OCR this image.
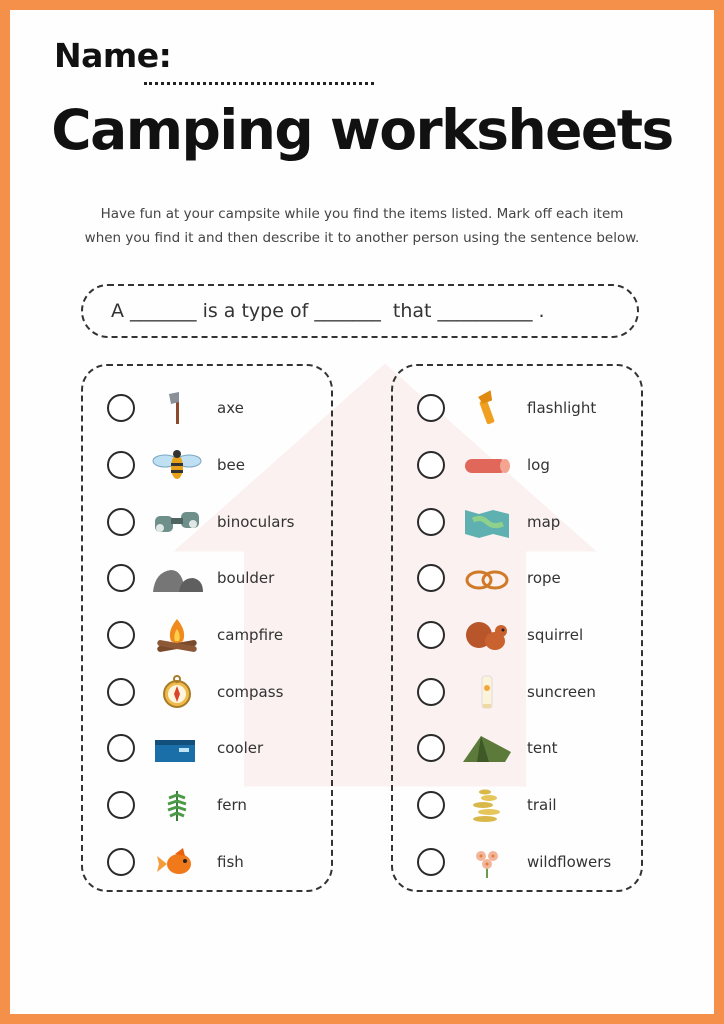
Name:
Camping worksheets
Have fun at your campsite while you find the items listed. Mark off each item when you find it and then describe it to another person using the sentence below.
A _______ is a type of _______  that __________ .
axe
bee
binoculars
boulder
campfire
compass
cooler
fern
fish
flashlight
log
map
rope
squirrel
suncreen
tent
trail
wildflowers
